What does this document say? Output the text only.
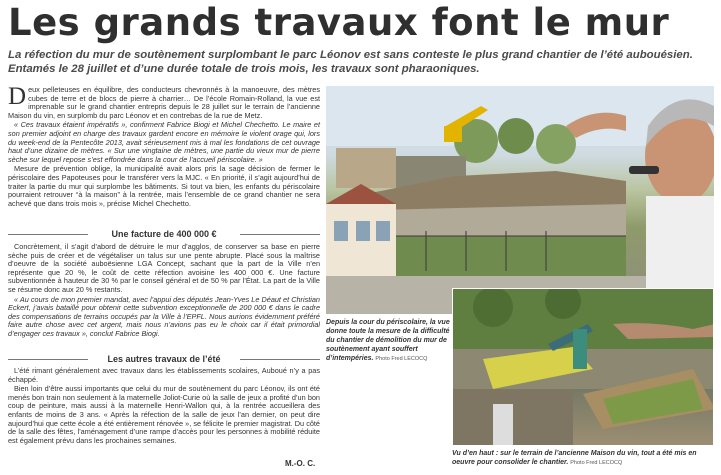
Les grands travaux font le mur
La réfection du mur de soutènement surplombant le parc Léonov est sans conteste le plus grand chantier de l’été aubouésien. Entamés le 28 juillet et d’une durée totale de trois mois, les travaux sont pharaoniques.

Deux pelleteuses en équilibre, des conducteurs chevronnés à la manoeuvre, des mètres cubes de terre et de blocs de pierre à charrier… De l’école Romain-Rolland, la vue est imprenable sur le grand chantier entrepris depuis le 28 juillet sur le terrain de l’ancienne Maison du vin, en surplomb du parc Léonov et en contrebas de la rue de Metz.

« Ces travaux étaient impératifs », confirment Fabrice Biogi et Michel Chechetto. Le maire et son premier adjoint en charge des travaux gardent encore en mémoire le violent orage qui, lors du week-end de la Pentecôte 2013, avait sérieusement mis à mal les fondations de cet ouvrage haut d’une dizaine de mètres. « Sur une vingtaine de mètres, une partie du vieux mur de pierre sèche sur lequel repose s’est effondrée dans la cour de l’accueil périscolaire. »

Mesure de prévention oblige, la municipalité avait alors pris la sage décision de fermer le périscolaire des Papoteuses pour le transférer vers la MJC. « En priorité, il s’agit aujourd’hui de traiter la partie du mur qui surplombe les bâtiments. Si tout va bien, les enfants du périscolaire pourraient retrouver “à la maison” à la rentrée, mais l’ensemble de ce grand chantier ne sera achevé que dans trois mois », précise Michel Chechetto.

Une facture de 400 000 €

Concrètement, il s’agit d’abord de détruire le mur d’agglos, de conserver sa base en pierre sèche puis de créer et de végétaliser un talus sur une pente abrupte. Placé sous la maîtrise d’oeuvre de la société auboësienne LGA Concept, sachant que la part de la Ville n’en représente que 20 %, le coût de cette réfection avoisine les 400 000 €. Une facture subventionnée à hauteur de 30 % par le conseil général et de 50 % par l’État. La part de la Ville se résume donc aux 20 % restants.

« Au cours de mon premier mandat, avec l’appui des députés Jean-Yves Le Déaut et Christian Eckert, j’avais bataillé pour obtenir cette subvention exceptionnelle de 200 000 € dans le cadre des compensations de terrains occupés par la Ville à l’EPFL. Nous aurions évidemment préféré faire autre chose avec cet argent, mais nous n’avions pas eu le choix car il était primordial d’engager ces travaux », conclut Fabrice Biogi.

Les autres travaux de l’été

L’été rimant généralement avec travaux dans les établissements scolaires, Auboué n’y a pas échappé.

Bien loin d’être aussi importants que celui du mur de soutènement du parc Léonov, ils ont été menés bon train non seulement à la maternelle Joliot-Curie où la salle de jeux a profité d’un bon coup de peinture, mais aussi à la maternelle Henri-Wallon qui, à la rentrée accueillera des enfants de moins de 3 ans. « Après la réfection de la salle de jeux l’an dernier, on peut dire aujourd’hui que cette école a été entièrement rénovée », se félicite le premier magistrat. Du côté de la salle des fêtes, l’aménagement d’une rampe d’accès pour les personnes à mobilité réduite est également prévu dans les prochaines semaines.

M.-O. C.
Depuis la cour du périscolaire, la vue donne toute la mesure de la difficulté du chantier de démolition du mur de soutènement ayant souffert d’intempéries. Photo Fred LECOCQ
Vu d’en haut : sur le terrain de l’ancienne Maison du vin, tout a été mis en oeuvre pour consolider le chantier. Photo Fred LECOCQ
